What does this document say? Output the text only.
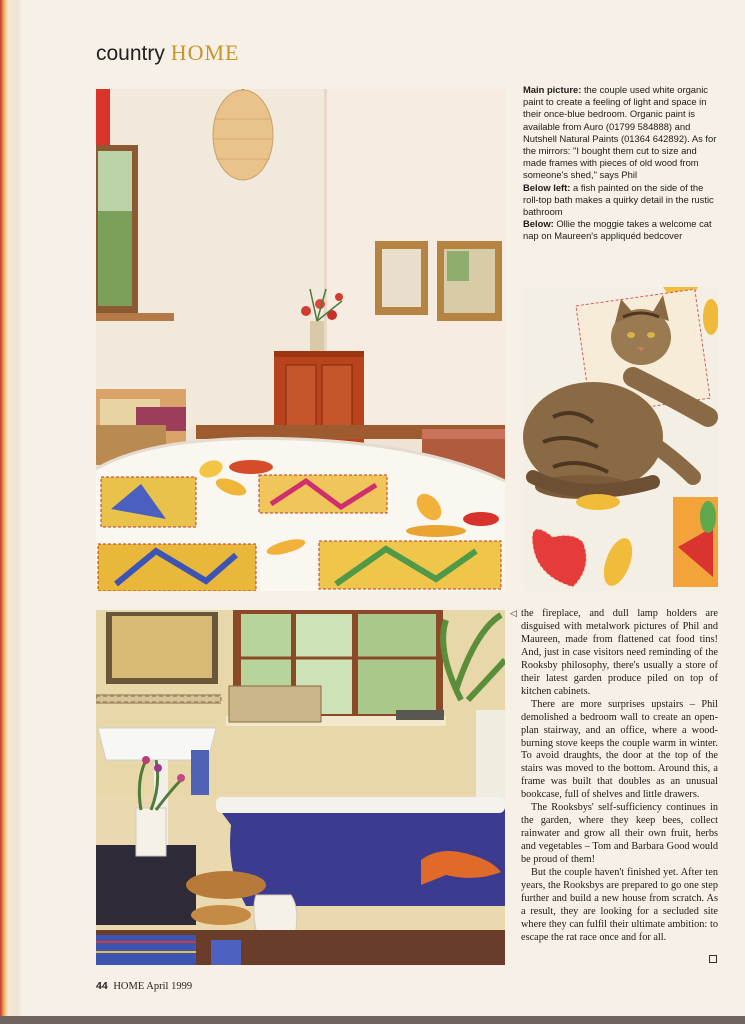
country HOME

Main picture: the couple used white organic paint to create a feeling of light and space in their once-blue bedroom. Organic paint is available from Auro (01799 584888) and Nutshell Natural Paints (01364 642892). As for the mirrors: "I bought them cut to size and made frames with pieces of old wood from someone's shed," says Phil

Below left: a fish painted on the side of the roll-top bath makes a quirky detail in the rustic bathroom

Below: Ollie the moggie takes a welcome cat nap on Maureen's appliquéd bedcover

◁ the fireplace, and dull lamp holders are disguised with metalwork pictures of Phil and Maureen, made from flattened cat food tins! And, just in case visitors need reminding of the Rooksby philosophy, there's usually a store of their latest garden produce piled on top of kitchen cabinets.

There are more surprises upstairs – Phil demolished a bedroom wall to create an open-plan stairway, and an office, where a wood-burning stove keeps the couple warm in winter. To avoid draughts, the door at the top of the stairs was moved to the bottom. Around this, a frame was built that doubles as an unusual bookcase, full of shelves and little drawers.

The Rooksbys' self-sufficiency continues in the garden, where they keep bees, collect rainwater and grow all their own fruit, herbs and vegetables – Tom and Barbara Good would be proud of them!

But the couple haven't finished yet. After ten years, the Rooksbys are prepared to go one step further and build a new house from scratch. As a result, they are looking for a secluded site where they can fulfil their ultimate ambition: to escape the rat race once and for all.

44 HOME April 1999
